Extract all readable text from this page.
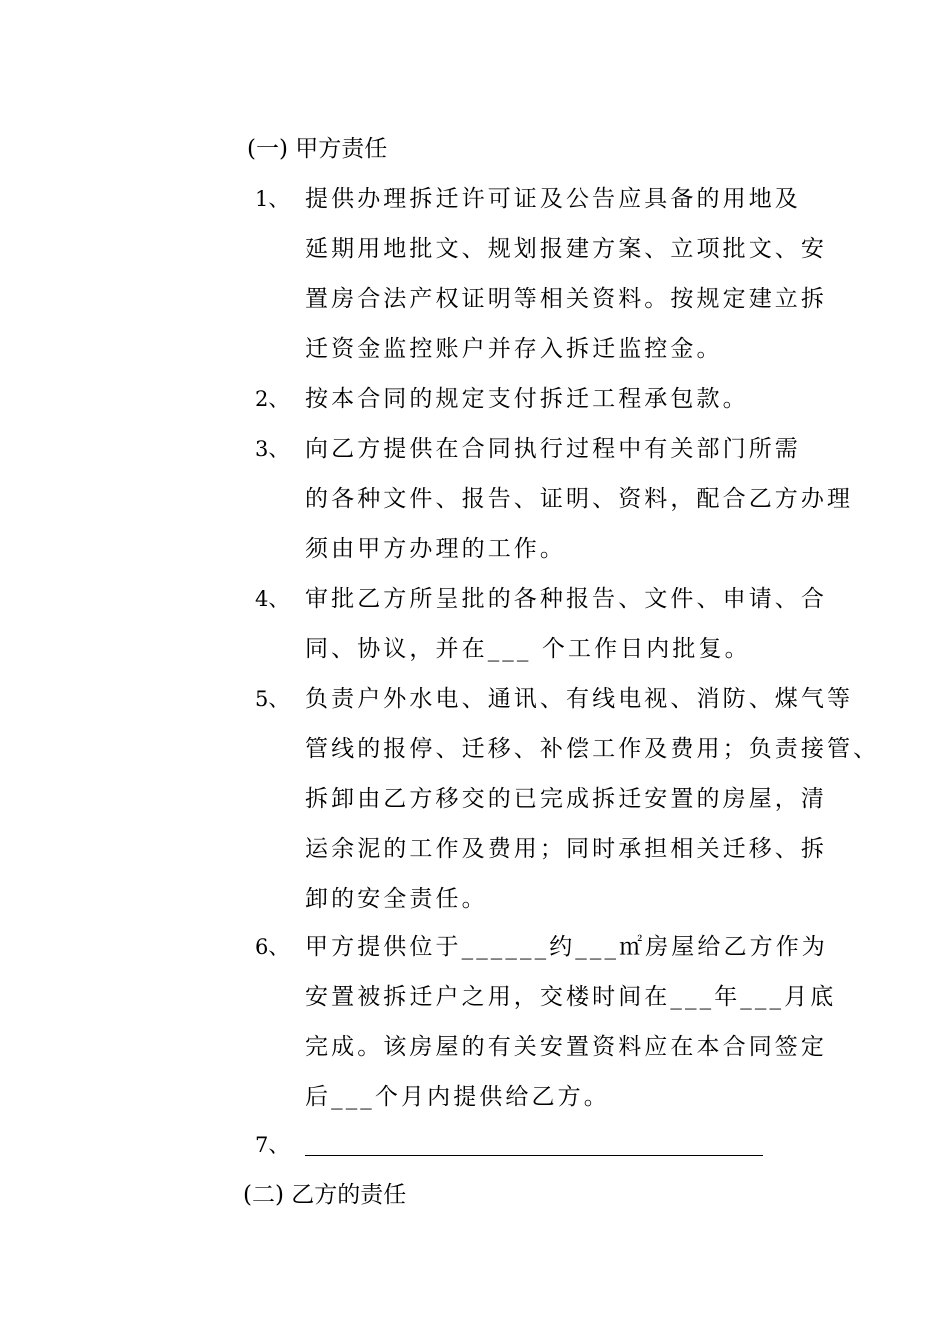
(一) 甲方责任
1、 提供办理拆迁许可证及公告应具备的用地及
延期用地批文、规划报建方案、立项批文、安
置房合法产权证明等相关资料。按规定建立拆
迁资金监控账户并存入拆迁监控金。
2、 按本合同的规定支付拆迁工程承包款。
3、 向乙方提供在合同执行过程中有关部门所需
的各种文件、报告、证明、资料，配合乙方办理
须由甲方办理的工作。
4、 审批乙方所呈批的各种报告、文件、申请、合
同、协议，并在___ 个工作日内批复。
5、 负责户外水电、通讯、有线电视、消防、煤气等
管线的报停、迁移、补偿工作及费用；负责接管、
拆卸由乙方移交的已完成拆迁安置的房屋，清
运余泥的工作及费用；同时承担相关迁移、拆
卸的安全责任。
6、 甲方提供位于______约___㎡房屋给乙方作为
安置被拆迁户之用，交楼时间在___年___月底
完成。该房屋的有关安置资料应在本合同签定
后___个月内提供给乙方。
7、
(二) 乙方的责任
